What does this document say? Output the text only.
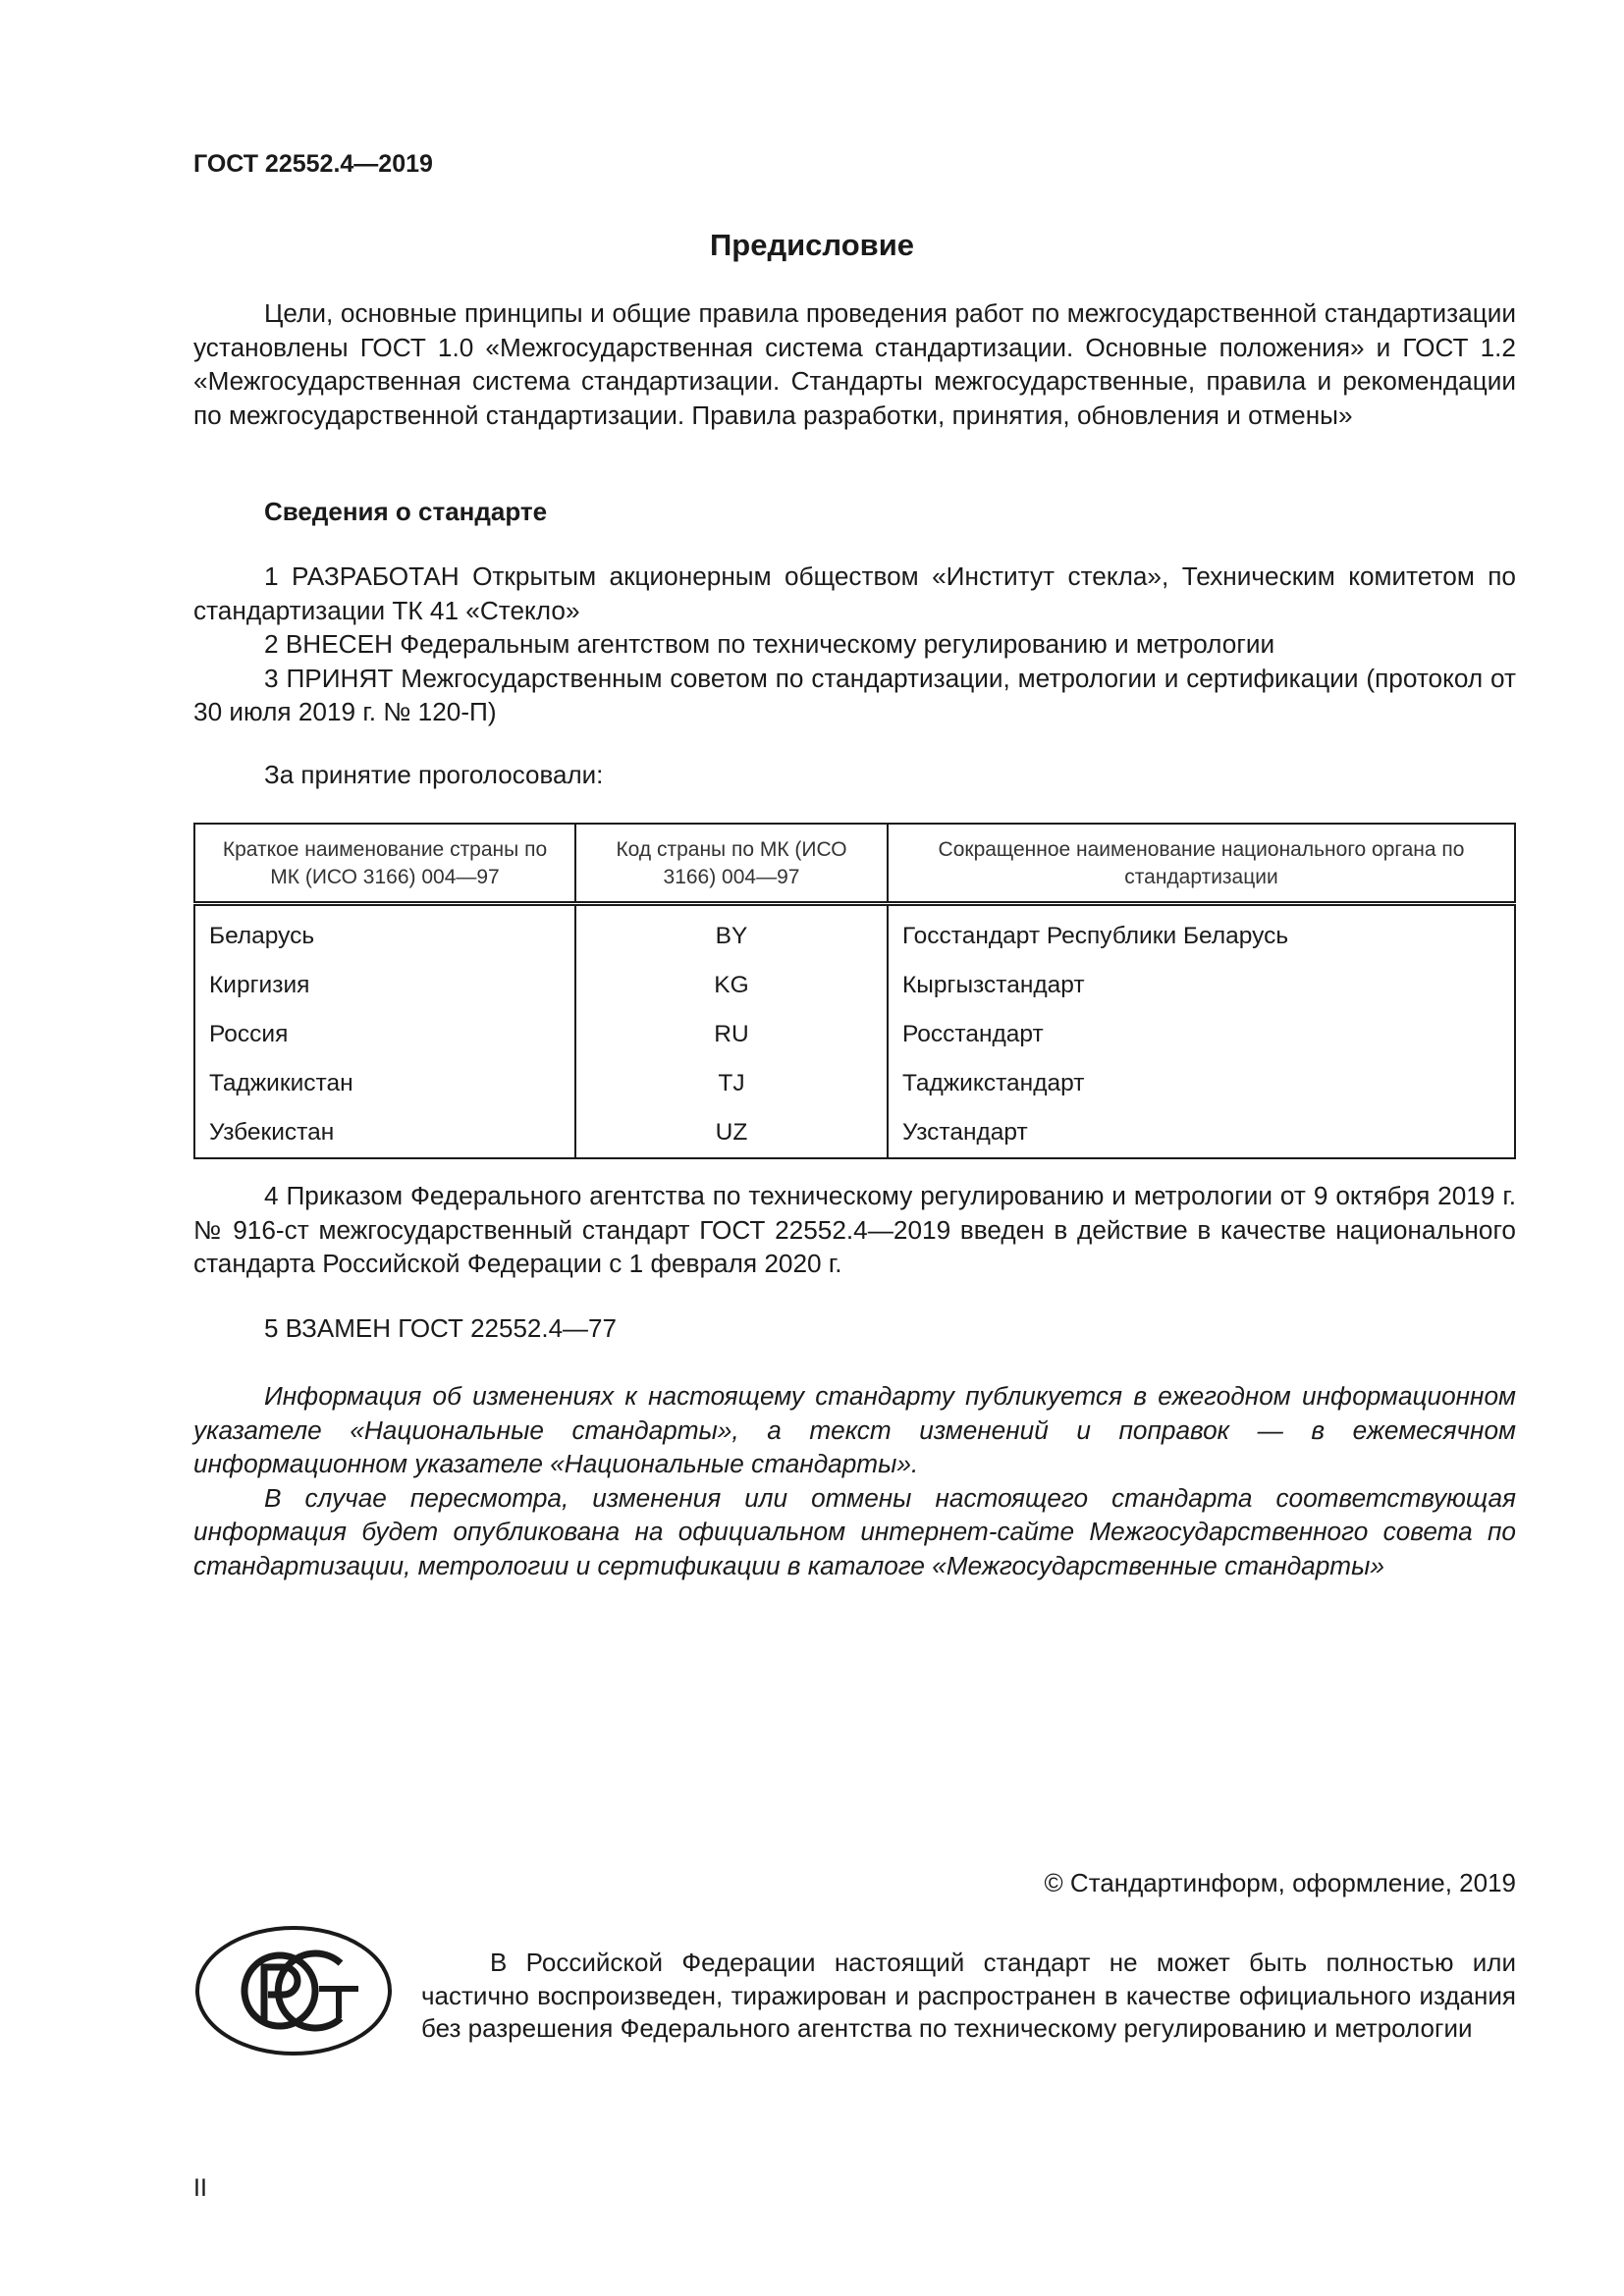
ГОСТ 22552.4—2019
Предисловие

Цели, основные принципы и общие правила проведения работ по межгосударственной стандартизации установлены ГОСТ 1.0 «Межгосударственная система стандартизации. Основные положения» и ГОСТ 1.2 «Межгосударственная система стандартизации. Стандарты межгосударственные, правила и рекомендации по межгосударственной стандартизации. Правила разработки, принятия, обновления и отмены»

Сведения о стандарте

1 РАЗРАБОТАН Открытым акционерным обществом «Институт стекла», Техническим комитетом по стандартизации ТК 41 «Стекло»

2 ВНЕСЕН Федеральным агентством по техническому регулированию и метрологии

3 ПРИНЯТ Межгосударственным советом по стандартизации, метрологии и сертификации (протокол от 30 июля 2019 г. № 120-П)

За принятие проголосовали:
Краткое наименование страны по МК (ИСО 3166) 004—97	Код страны по МК (ИСО 3166) 004—97	Сокращенное наименование национального органа по стандартизации
Беларусь	BY	Госстандарт Республики Беларусь
Киргизия	KG	Кыргызстандарт
Россия	RU	Росстандарт
Таджикистан	TJ	Таджикстандарт
Узбекистан	UZ	Узстандарт

4 Приказом Федерального агентства по техническому регулированию и метрологии от 9 октября 2019 г. № 916-ст межгосударственный стандарт ГОСТ 22552.4—2019 введен в действие в качестве национального стандарта Российской Федерации с 1 февраля 2020 г.

5 ВЗАМЕН ГОСТ 22552.4—77

Информация об изменениях к настоящему стандарту публикуется в ежегодном информационном указателе «Национальные стандарты», а текст изменений и поправок — в ежемесячном информационном указателе «Национальные стандарты».

В случае пересмотра, изменения или отмены настоящего стандарта соответствующая информация будет опубликована на официальном интернет-сайте Межгосударственного совета по стандартизации, метрологии и сертификации в каталоге «Межгосударственные стандарты»

© Стандартинформ, оформление, 2019

В Российской Федерации настоящий стандарт не может быть полностью или частично воспроизведен, тиражирован и распространен в качестве официального издания без разрешения Федерального агентства по техническому регулированию и метрологии

II
